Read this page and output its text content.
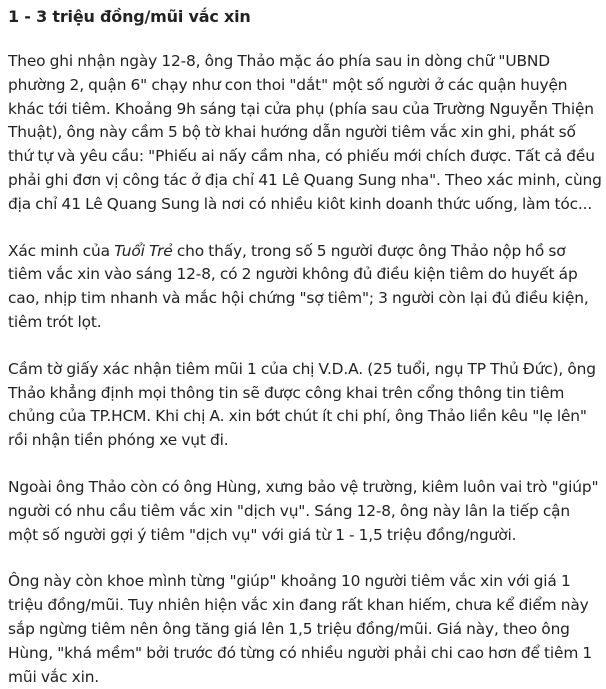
1 - 3 triệu đồng/mũi vắc xin

Theo ghi nhận ngày 12-8, ông Thảo mặc áo phía sau in dòng chữ "UBND phường 2, quận 6" chạy như con thoi "dắt" một số người ở các quận huyện khác tới tiêm. Khoảng 9h sáng tại cửa phụ (phía sau của Trường Nguyễn Thiện Thuật), ông này cầm 5 bộ tờ khai hướng dẫn người tiêm vắc xin ghi, phát số thứ tự và yêu cầu: "Phiếu ai nấy cầm nha, có phiếu mới chích được. Tất cả đều phải ghi đơn vị công tác ở địa chỉ 41 Lê Quang Sung nha". Theo xác minh, cùng địa chỉ 41 Lê Quang Sung là nơi có nhiều kiôt kinh doanh thức uống, làm tóc...

Xác minh của Tuổi Trẻ cho thấy, trong số 5 người được ông Thảo nộp hồ sơ tiêm vắc xin vào sáng 12-8, có 2 người không đủ điều kiện tiêm do huyết áp cao, nhịp tim nhanh và mắc hội chứng "sợ tiêm"; 3 người còn lại đủ điều kiện, tiêm trót lọt.

Cầm tờ giấy xác nhận tiêm mũi 1 của chị V.D.A. (25 tuổi, ngụ TP Thủ Đức), ông Thảo khẳng định mọi thông tin sẽ được công khai trên cổng thông tin tiêm chủng của TP.HCM. Khi chị A. xin bớt chút ít chi phí, ông Thảo liền kêu "lẹ lên" rồi nhận tiền phóng xe vụt đi.

Ngoài ông Thảo còn có ông Hùng, xưng bảo vệ trường, kiêm luôn vai trò "giúp" người có nhu cầu tiêm vắc xin "dịch vụ". Sáng 12-8, ông này lân la tiếp cận một số người gợi ý tiêm "dịch vụ" với giá từ 1 - 1,5 triệu đồng/người.

Ông này còn khoe mình từng "giúp" khoảng 10 người tiêm vắc xin với giá 1 triệu đồng/mũi. Tuy nhiên hiện vắc xin đang rất khan hiếm, chưa kể điểm này sắp ngừng tiêm nên ông tăng giá lên 1,5 triệu đồng/mũi. Giá này, theo ông Hùng, "khá mềm" bởi trước đó từng có nhiều người phải chi cao hơn để tiêm 1 mũi vắc xin.
